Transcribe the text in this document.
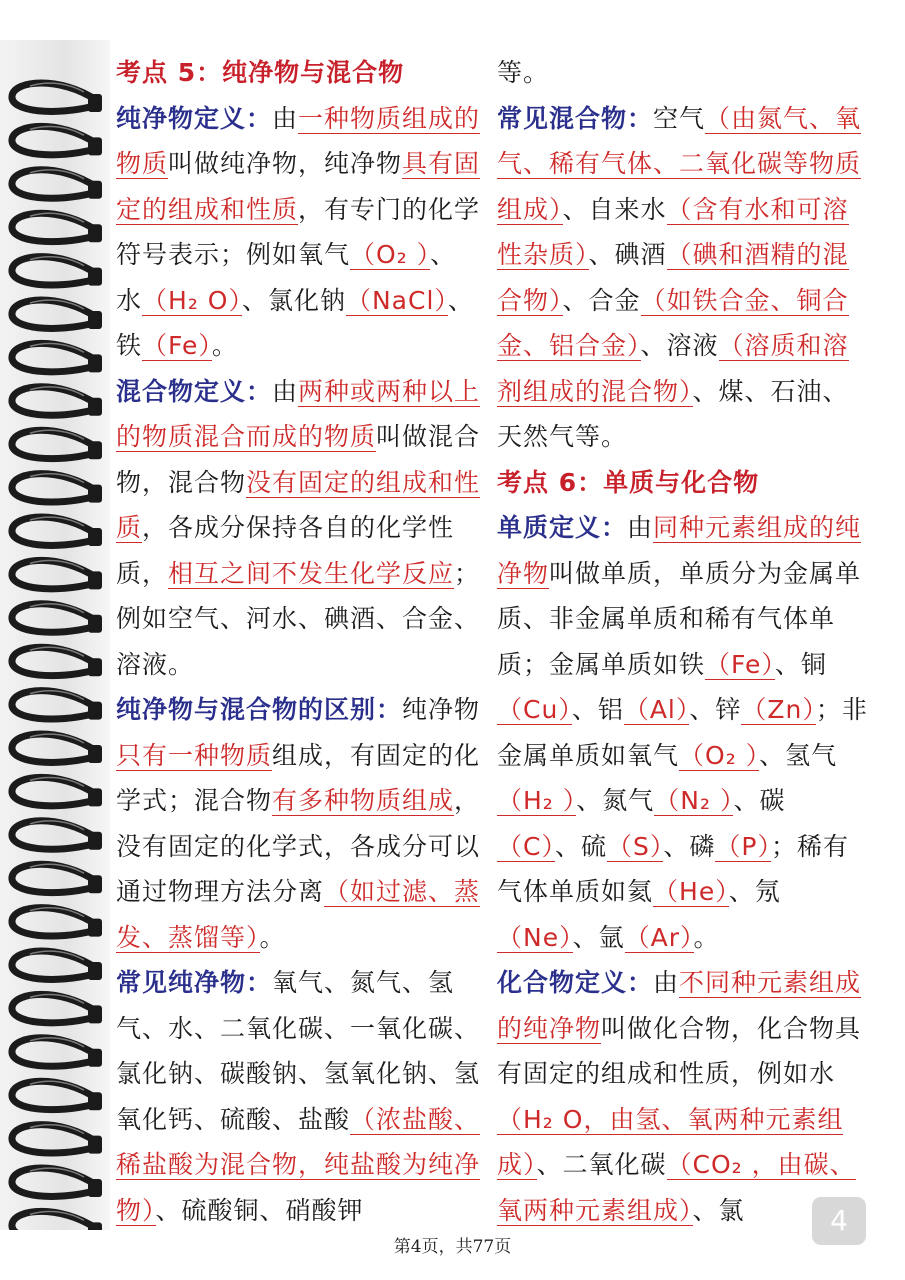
考点 5：纯净物与混合物

纯净物定义：由一种物质组成的物质叫做纯净物，纯净物具有固定的组成和性质，有专门的化学符号表示；例如氧气（O₂ ）、水（H₂ O）、氯化钠（NaCl）、铁（Fe）。

混合物定义：由两种或两种以上的物质混合而成的物质叫做混合物，混合物没有固定的组成和性质，各成分保持各自的化学性质，相互之间不发生化学反应；例如空气、河水、碘酒、合金、溶液。

纯净物与混合物的区别：纯净物只有一种物质组成，有固定的化学式；混合物有多种物质组成，没有固定的化学式，各成分可以通过物理方法分离（如过滤、蒸发、蒸馏等）。

常见纯净物：氧气、氮气、氢气、水、二氧化碳、一氧化碳、氯化钠、碳酸钠、氢氧化钠、氢氧化钙、硫酸、盐酸（浓盐酸、稀盐酸为混合物，纯盐酸为纯净物）、硫酸铜、硝酸钾

等。

常见混合物：空气（由氮气、氧气、稀有气体、二氧化碳等物质组成）、自来水（含有水和可溶性杂质）、碘酒（碘和酒精的混合物）、合金（如铁合金、铜合金、铝合金）、溶液（溶质和溶剂组成的混合物）、煤、石油、天然气等。

考点 6：单质与化合物

单质定义：由同种元素组成的纯净物叫做单质，单质分为金属单质、非金属单质和稀有气体单质；金属单质如铁（Fe）、铜（Cu）、铝（Al）、锌（Zn）；非金属单质如氧气（O₂ ）、氢气（H₂ ）、氮气（N₂ ）、碳（C）、硫（S）、磷（P）；稀有气体单质如氦（He）、氖（Ne）、氩（Ar）。

化合物定义：由不同种元素组成的纯净物叫做化合物，化合物具有固定的组成和性质，例如水（H₂ O，由氢、氧两种元素组成）、二氧化碳（CO₂ ，由碳、氧两种元素组成）、氯

第4页，共77页
4
